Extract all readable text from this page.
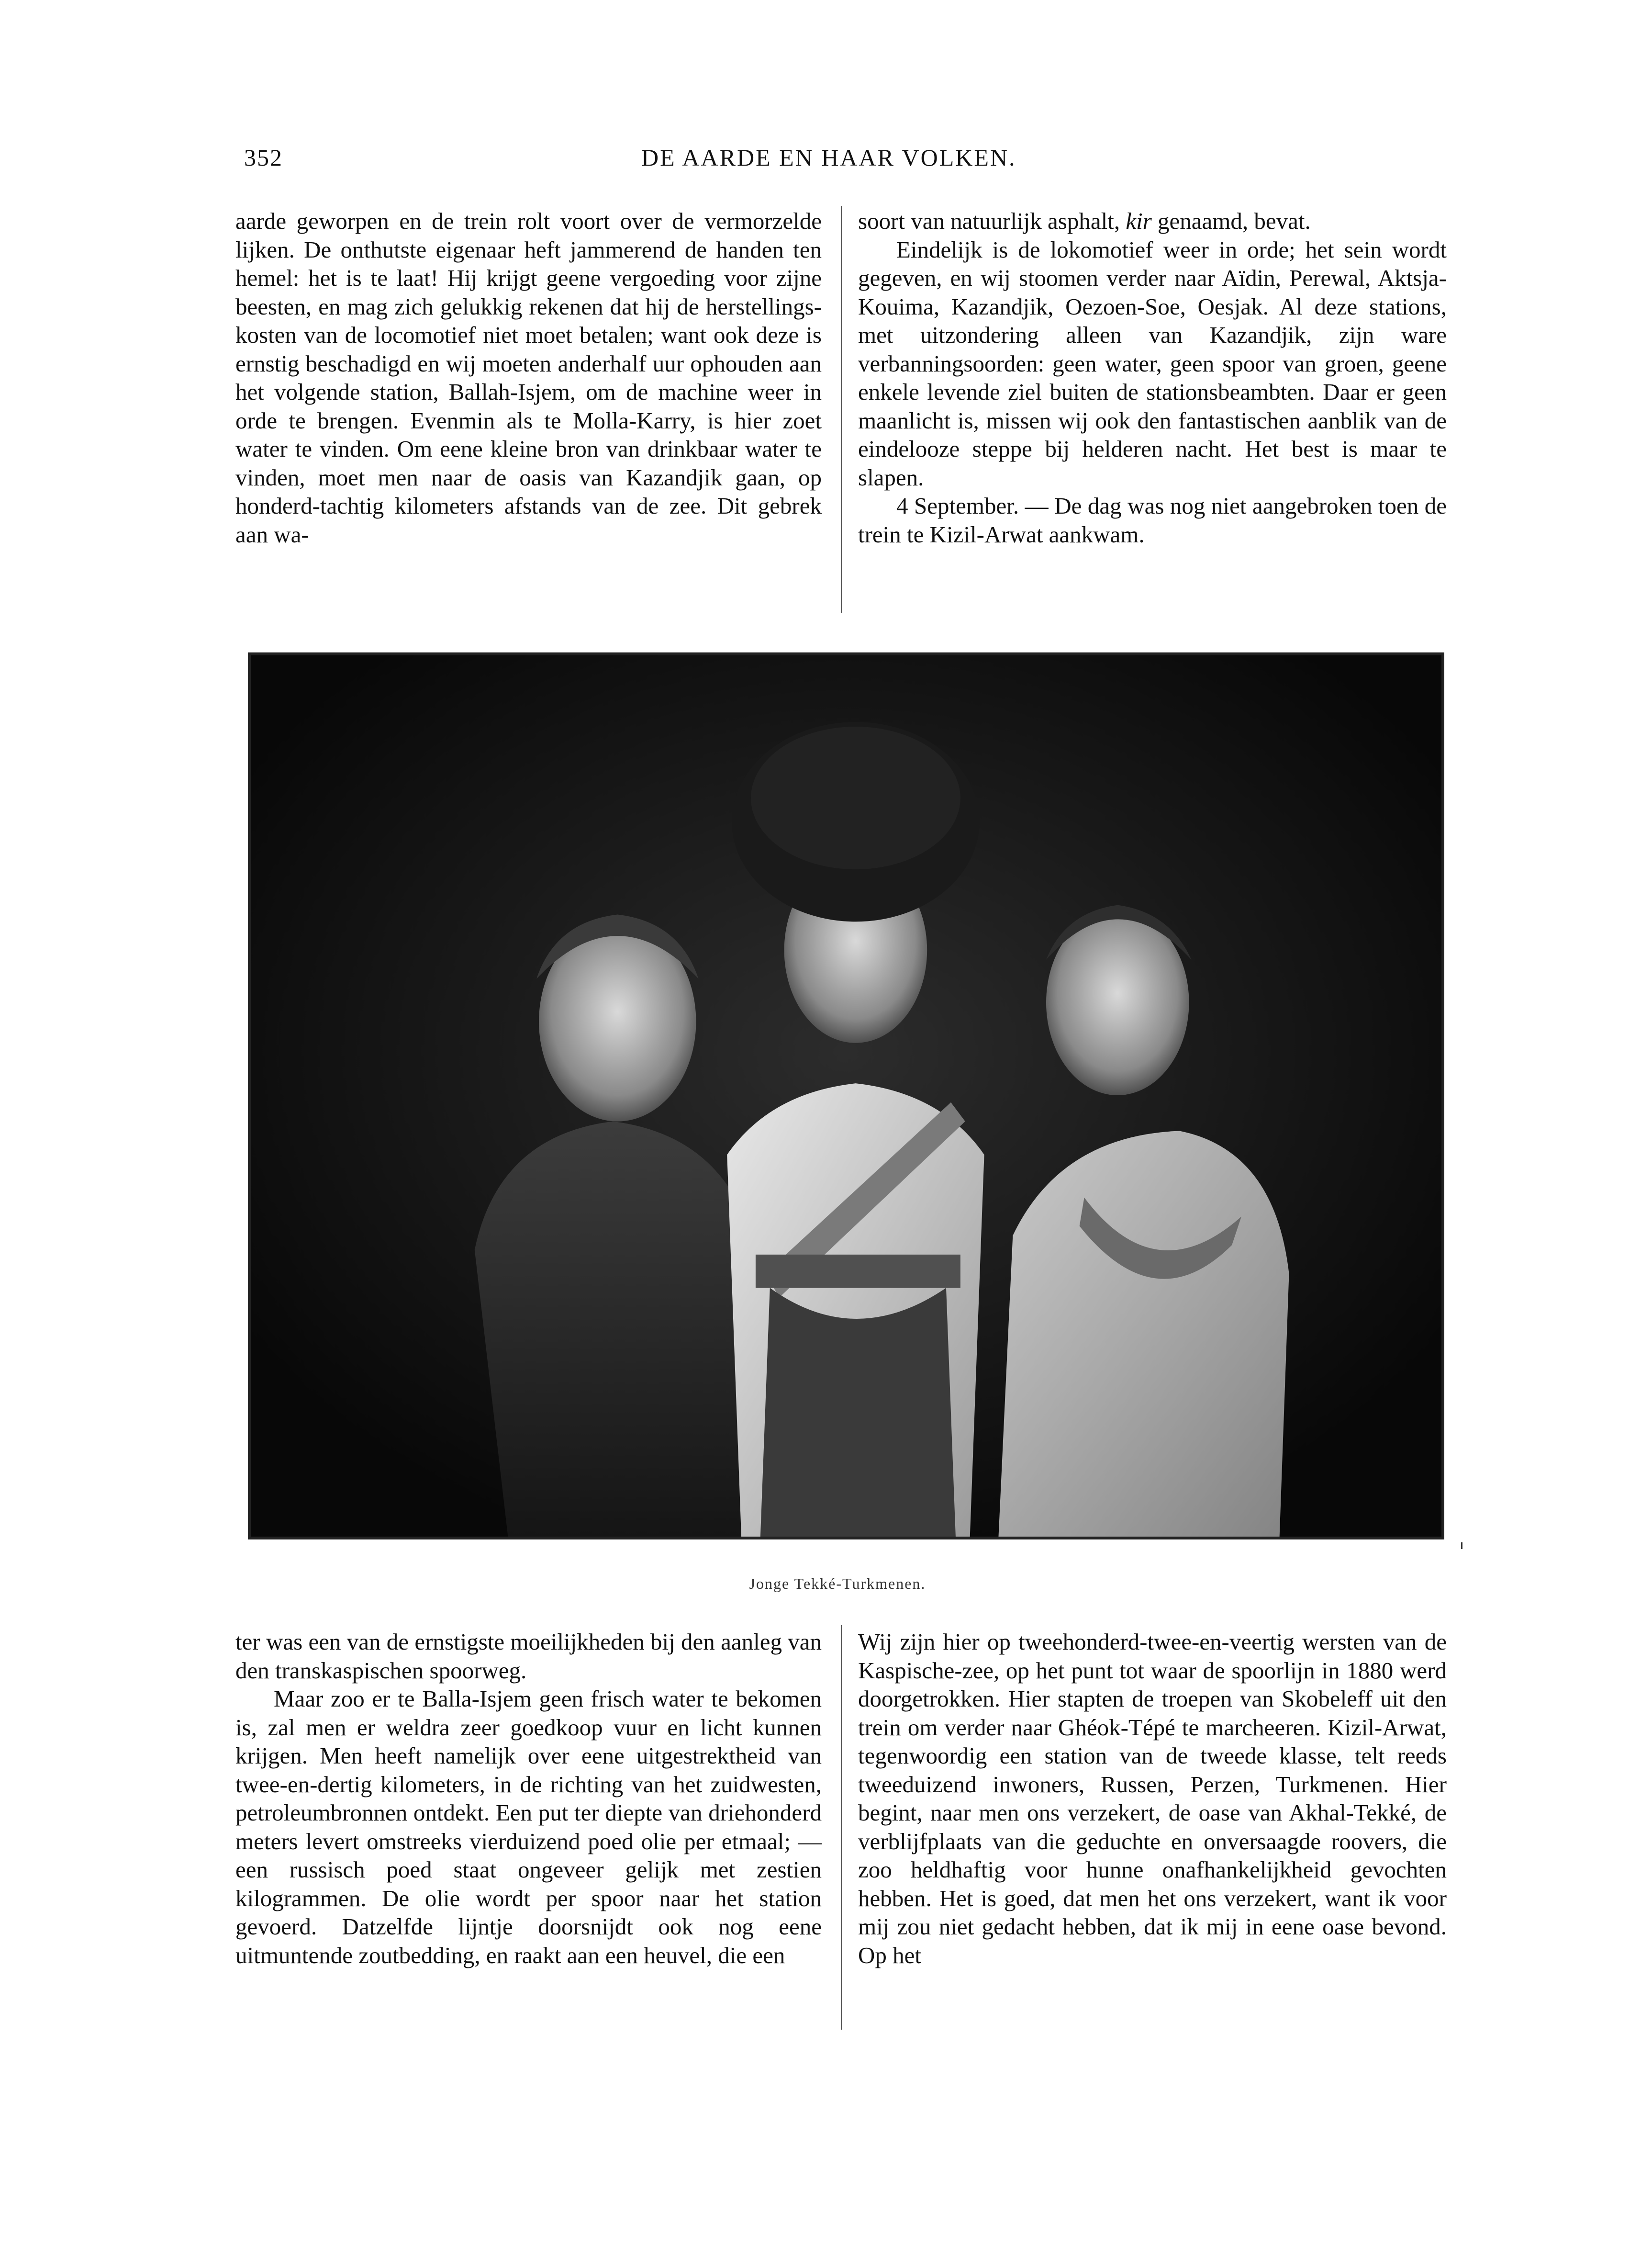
352	DE AARDE EN HAAR VOLKEN.

aarde geworpen en de trein rolt voort over de vermorzelde lijken. De onthutste eigenaar heft jammerend de handen ten hemel: het is te laat! Hij krijgt geene vergoeding voor zijne beesten, en mag zich gelukkig rekenen dat hij de herstellings-kosten van de locomotief niet moet betalen; want ook deze is ernstig beschadigd en wij moeten anderhalf uur ophouden aan het volgende station, Ballah-Isjem, om de machine weer in orde te brengen. Evenmin als te Molla-Karry, is hier zoet water te vinden. Om eene kleine bron van drinkbaar water te vinden, moet men naar de oasis van Kazandjik gaan, op honderd-tachtig kilometers afstands van de zee. Dit gebrek aan wa-

soort van natuurlijk asphalt, kir genaamd, bevat.

Eindelijk is de lokomotief weer in orde; het sein wordt gegeven, en wij stoomen verder naar Aïdin, Perewal, Aktsja-Kouima, Kazandjik, Oezoen-Soe, Oesjak. Al deze stations, met uitzondering alleen van Kazandjik, zijn ware verbanningsoorden: geen water, geen spoor van groen, geene enkele levende ziel buiten de stationsbeambten. Daar er geen maanlicht is, missen wij ook den fantastischen aanblik van de eindelooze steppe bij helderen nacht. Het best is maar te slapen.

4 September. — De dag was nog niet aangebroken toen de trein te Kizil-Arwat aankwam.

Jonge Tekké-Turkmenen.

ter was een van de ernstigste moeilijkheden bij den aanleg van den transkaspischen spoorweg.

Maar zoo er te Balla-Isjem geen frisch water te bekomen is, zal men er weldra zeer goedkoop vuur en licht kunnen krijgen. Men heeft namelijk over eene uitgestrektheid van twee-en-dertig kilometers, in de richting van het zuidwesten, petroleumbronnen ontdekt. Een put ter diepte van driehonderd meters levert omstreeks vierduizend poed olie per etmaal; — een russisch poed staat ongeveer gelijk met zestien kilogrammen. De olie wordt per spoor naar het station gevoerd. Datzelfde lijntje doorsnijdt ook nog eene uitmuntende zoutbedding, en raakt aan een heuvel, die een

Wij zijn hier op tweehonderd-twee-en-veertig wersten van de Kaspische-zee, op het punt tot waar de spoorlijn in 1880 werd doorgetrokken. Hier stapten de troepen van Skobeleff uit den trein om verder naar Ghéok-Tépé te marcheeren. Kizil-Arwat, tegenwoordig een station van de tweede klasse, telt reeds tweeduizend inwoners, Russen, Perzen, Turkmenen. Hier begint, naar men ons verzekert, de oase van Akhal-Tekké, de verblijfplaats van die geduchte en onversaagde roovers, die zoo heldhaftig voor hunne onafhankelijkheid gevochten hebben. Het is goed, dat men het ons verzekert, want ik voor mij zou niet gedacht hebben, dat ik mij in eene oase bevond. Op het
